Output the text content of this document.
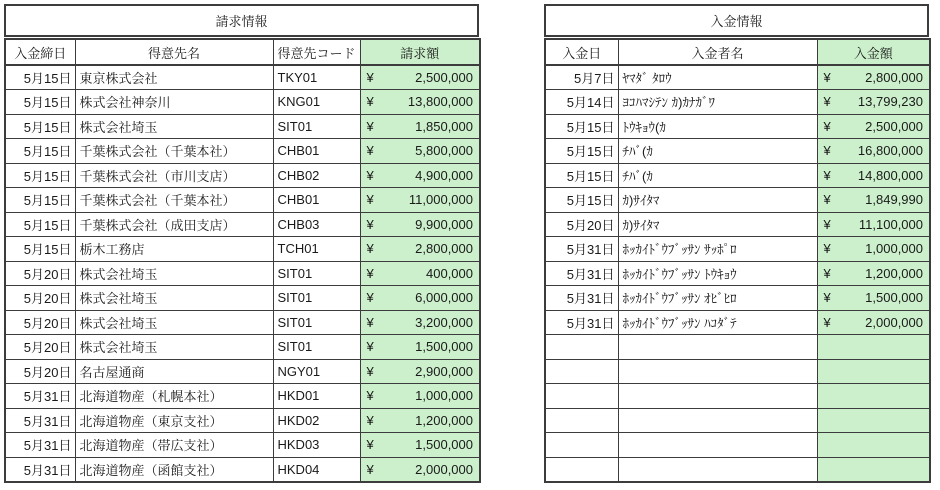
請求情報
入金締日	得意先名	得意先コード	請求額
5月15日	東京株式会社	TKY01	¥ 2,500,000
5月15日	株式会社神奈川	KNG01	¥ 13,800,000
5月15日	株式会社埼玉	SIT01	¥ 1,850,000
5月15日	千葉株式会社（千葉本社）	CHB01	¥ 5,800,000
5月15日	千葉株式会社（市川支店）	CHB02	¥ 4,900,000
5月15日	千葉株式会社（千葉本社）	CHB01	¥ 11,000,000
5月15日	千葉株式会社（成田支店）	CHB03	¥ 9,900,000
5月15日	栃木工務店	TCH01	¥ 2,800,000
5月20日	株式会社埼玉	SIT01	¥ 400,000
5月20日	株式会社埼玉	SIT01	¥ 6,000,000
5月20日	株式会社埼玉	SIT01	¥ 3,200,000
5月20日	株式会社埼玉	SIT01	¥ 1,500,000
5月20日	名古屋通商	NGY01	¥ 2,900,000
5月31日	北海道物産（札幌本社）	HKD01	¥ 1,000,000
5月31日	北海道物産（東京支社）	HKD02	¥ 1,200,000
5月31日	北海道物産（帯広支社）	HKD03	¥ 1,500,000
5月31日	北海道物産（函館支社）	HKD04	¥ 2,000,000
入金情報
入金日	入金者名	入金額
5月7日	ﾔﾏﾀﾞ ﾀﾛｳ	¥ 2,800,000
5月14日	ﾖｺﾊﾏｼﾃﾝ ｶ)ｶﾅｶﾞﾜ	¥ 13,799,230
5月15日	ﾄｳｷｮｳ(ｶ	¥ 2,500,000
5月15日	ﾁﾊﾞ(ｶ	¥ 16,800,000
5月15日	ﾁﾊﾞ(ｶ	¥ 14,800,000
5月15日	ｶ)ｻｲﾀﾏ	¥ 1,849,990
5月20日	ｶ)ｻｲﾀﾏ	¥ 11,100,000
5月31日	ﾎｯｶｲﾄﾞｳﾌﾞｯｻﾝ ｻｯﾎﾟﾛ	¥ 1,000,000
5月31日	ﾎｯｶｲﾄﾞｳﾌﾞｯｻﾝ ﾄｳｷｮｳ	¥ 1,200,000
5月31日	ﾎｯｶｲﾄﾞｳﾌﾞｯｻﾝ ｵﾋﾞﾋﾛ	¥ 1,500,000
5月31日	ﾎｯｶｲﾄﾞｳﾌﾞｯｻﾝ ﾊｺﾀﾞﾃ	¥ 2,000,000
